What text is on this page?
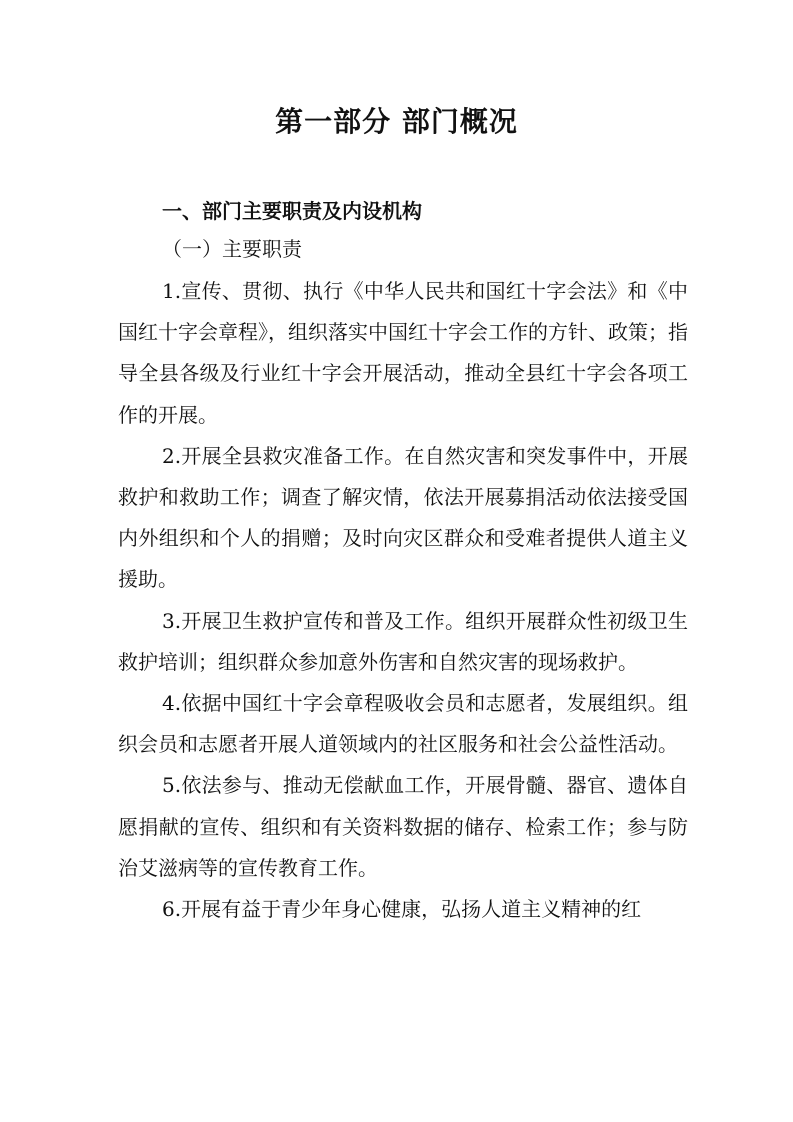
第一部分 部门概况
一、部门主要职责及内设机构
（一）主要职责

1.宣传、贯彻、执行《中华人民共和国红十字会法》和《中国红十字会章程》，组织落实中国红十字会工作的方针、政策；指导全县各级及行业红十字会开展活动，推动全县红十字会各项工作的开展。

2.开展全县救灾准备工作。在自然灾害和突发事件中，开展救护和救助工作；调查了解灾情，依法开展募捐活动依法接受国内外组织和个人的捐赠；及时向灾区群众和受难者提供人道主义援助。

3.开展卫生救护宣传和普及工作。组织开展群众性初级卫生救护培训；组织群众参加意外伤害和自然灾害的现场救护。

4.依据中国红十字会章程吸收会员和志愿者，发展组织。组织会员和志愿者开展人道领域内的社区服务和社会公益性活动。

5.依法参与、推动无偿献血工作，开展骨髓、器官、遗体自愿捐献的宣传、组织和有关资料数据的储存、检索工作；参与防治艾滋病等的宣传教育工作。

6.开展有益于青少年身心健康，弘扬人道主义精神的红
